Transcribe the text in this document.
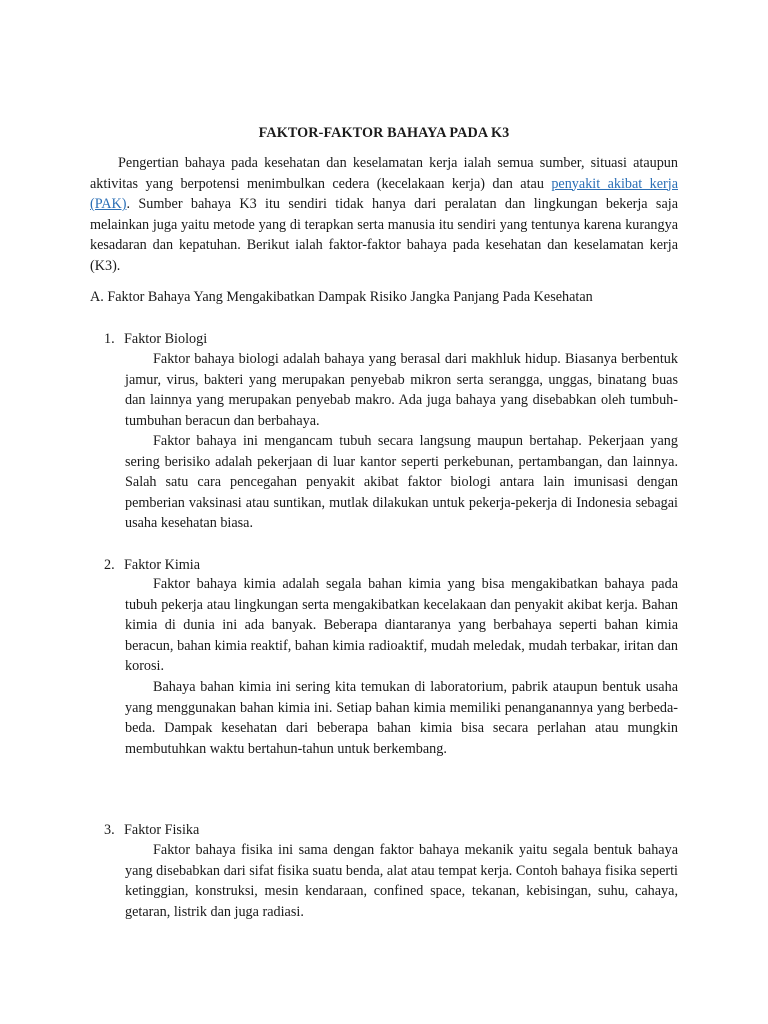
FAKTOR-FAKTOR BAHAYA PADA K3

Pengertian bahaya pada kesehatan dan keselamatan kerja ialah semua sumber, situasi ataupun aktivitas yang berpotensi menimbulkan cedera (kecelakaan kerja) dan atau penyakit akibat kerja (PAK). Sumber bahaya K3 itu sendiri tidak hanya dari peralatan dan lingkungan bekerja saja melainkan juga yaitu metode yang di terapkan serta manusia itu sendiri yang tentunya karena kurangya kesadaran dan kepatuhan. Berikut ialah faktor-faktor bahaya pada kesehatan dan keselamatan kerja (K3).

A. Faktor Bahaya Yang Mengakibatkan Dampak Risiko Jangka Panjang Pada Kesehatan

1. Faktor Biologi

Faktor bahaya biologi adalah bahaya yang berasal dari makhluk hidup. Biasanya berbentuk jamur, virus, bakteri yang merupakan penyebab mikron serta serangga, unggas, binatang buas dan lainnya yang merupakan penyebab makro. Ada juga bahaya yang disebabkan oleh tumbuh-tumbuhan beracun dan berbahaya.

Faktor bahaya ini mengancam tubuh secara langsung maupun bertahap. Pekerjaan yang sering berisiko adalah pekerjaan di luar kantor seperti perkebunan, pertambangan, dan lainnya. Salah satu cara pencegahan penyakit akibat faktor biologi antara lain imunisasi dengan pemberian vaksinasi atau suntikan, mutlak dilakukan untuk pekerja-pekerja di Indonesia sebagai usaha kesehatan biasa.

2. Faktor Kimia

Faktor bahaya kimia adalah segala bahan kimia yang bisa mengakibatkan bahaya pada tubuh pekerja atau lingkungan serta mengakibatkan kecelakaan dan penyakit akibat kerja. Bahan kimia di dunia ini ada banyak. Beberapa diantaranya yang berbahaya seperti bahan kimia beracun, bahan kimia reaktif, bahan kimia radioaktif, mudah meledak, mudah terbakar, iritan dan korosi.

Bahaya bahan kimia ini sering kita temukan di laboratorium, pabrik ataupun bentuk usaha yang menggunakan bahan kimia ini. Setiap bahan kimia memiliki penanganannya yang berbeda-beda. Dampak kesehatan dari beberapa bahan kimia bisa secara perlahan atau mungkin membutuhkan waktu bertahun-tahun untuk berkembang.

3. Faktor Fisika

Faktor bahaya fisika ini sama dengan faktor bahaya mekanik yaitu segala bentuk bahaya yang disebabkan dari sifat fisika suatu benda, alat atau tempat kerja. Contoh bahaya fisika seperti ketinggian, konstruksi, mesin kendaraan, confined space, tekanan, kebisingan, suhu, cahaya, getaran, listrik dan juga radiasi.
